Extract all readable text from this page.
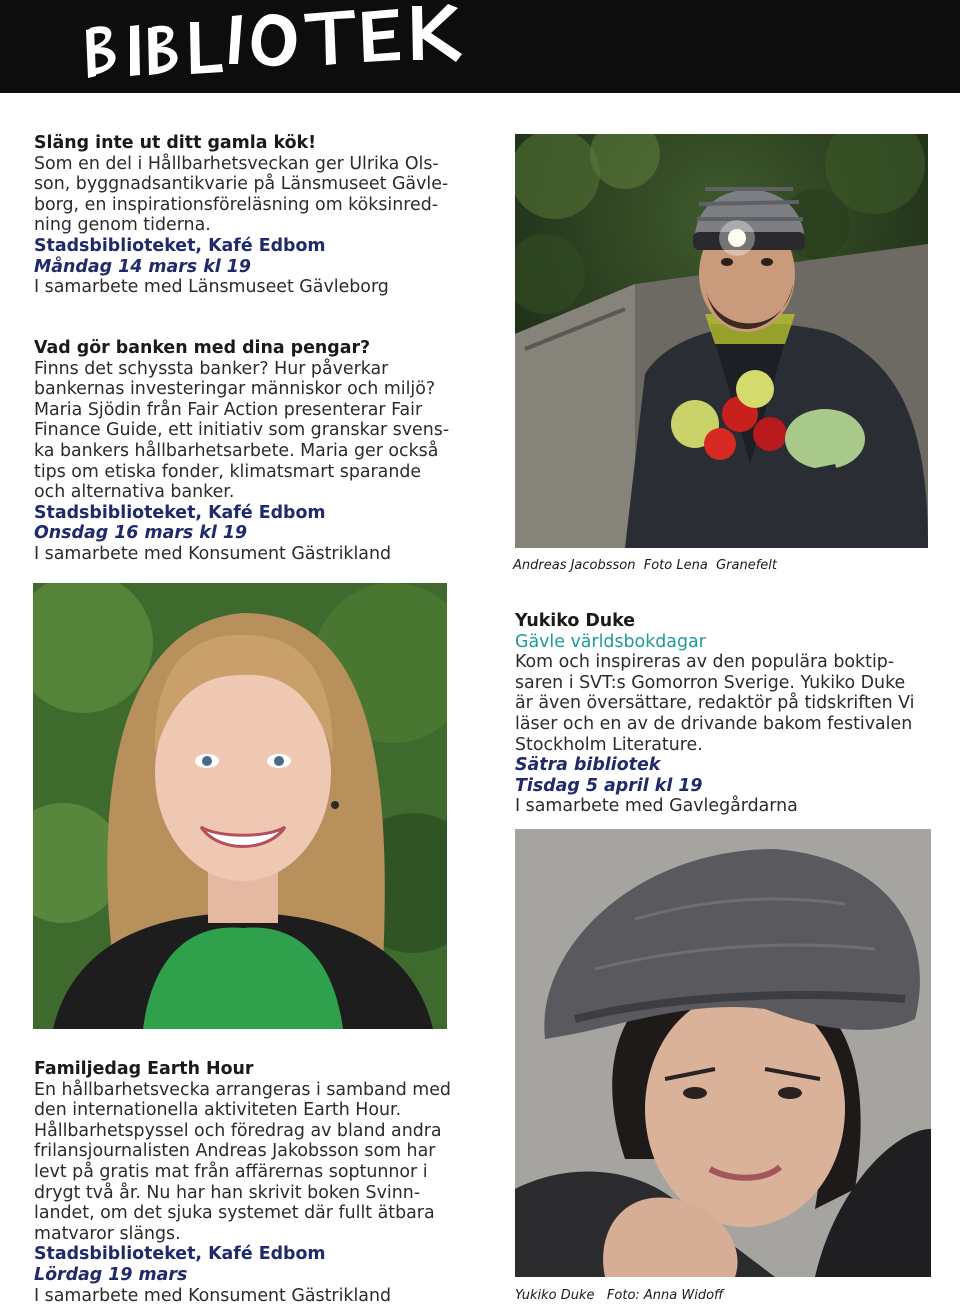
Släng inte ut ditt gamla kök!

Som en del i Hållbarhetsveckan ger Ulrika Ols-

son, byggnadsantikvarie på Länsmuseet Gävle-

borg, en inspirationsföreläsning om köksinred-

ning genom tiderna.

Stadsbiblioteket, Kafé Edbom

Måndag 14 mars kl 19

I samarbete med Länsmuseet Gävleborg

Vad gör banken med dina pengar?

Finns det schyssta banker? Hur påverkar

bankernas investeringar människor och miljö?

Maria Sjödin från Fair Action presenterar Fair

Finance Guide, ett initiativ som granskar svens-

ka bankers hållbarhetsarbete. Maria ger också

tips om etiska fonder, klimatsmart sparande

och alternativa banker.

Stadsbiblioteket, Kafé Edbom

Onsdag 16 mars kl 19

I samarbete med Konsument Gästrikland

Andreas Jacobsson  Foto Lena  Granefelt

Yukiko Duke

Gävle världsbokdagar

Kom och inspireras av den populära boktip-

saren i SVT:s Gomorron Sverige. Yukiko Duke

är även översättare, redaktör på tidskriften Vi

läser och en av de drivande bakom festivalen

Stockholm Literature.

Sätra bibliotek

Tisdag 5 april kl 19

I samarbete med Gavlegårdarna

Yukiko Duke   Foto: Anna Widoff

Familjedag Earth Hour

En hållbarhetsvecka arrangeras i samband med

den internationella aktiviteten Earth Hour.

Hållbarhetspyssel och föredrag av bland andra

frilansjournalisten Andreas Jakobsson som har

levt på gratis mat från affärernas soptunnor i

drygt två år. Nu har han skrivit boken Svinn-

landet, om det sjuka systemet där fullt ätbara

matvaror slängs.

Stadsbiblioteket, Kafé Edbom

Lördag 19 mars

I samarbete med Konsument Gästrikland
